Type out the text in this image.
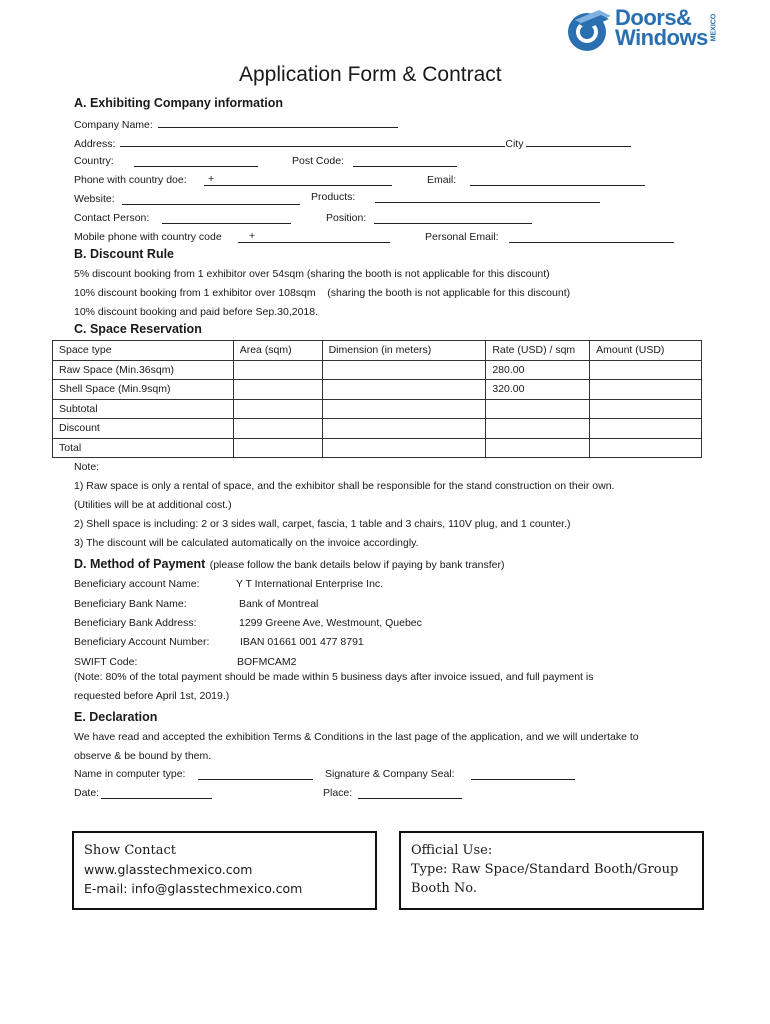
Doors&
Windows MEXICO
Application Form & Contract
A. Exhibiting Company information
Company Name:
Address:	City
Country:	Post Code:
Phone with country doe: +	Email:
Website:	Products:
Contact Person:	Position:
Mobile phone with country code	+	Personal Email:
B. Discount Rule
5% discount booking from 1 exhibitor over 54sqm (sharing the booth is not applicable for this discount)
10% discount booking from 1 exhibitor over 108sqm    (sharing the booth is not applicable for this discount)
10% discount booking and paid before Sep.30,2018.
C. Space Reservation
Space type	Area (sqm)	Dimension (in meters)	Rate (USD) / sqm	Amount (USD)
Raw Space (Min.36sqm)			280.00	
Shell Space (Min.9sqm)			320.00	
Subtotal				
Discount				
Total				
Note:
1) Raw space is only a rental of space, and the exhibitor shall be responsible for the stand construction on their own.
(Utilities will be at additional cost.)
2) Shell space is including: 2 or 3 sides wall, carpet, fascia, 1 table and 3 chairs, 110V plug, and 1 counter.)
3) The discount will be calculated automatically on the invoice accordingly.
D. Method of Payment (please follow the bank details below if paying by bank transfer)
Beneficiary account Name:	Y T International Enterprise Inc.
Beneficiary Bank Name:	Bank of Montreal
Beneficiary Bank Address:	1299 Greene Ave, Westmount, Quebec
Beneficiary Account Number:	IBAN 01661 001 477 8791
SWIFT Code:	BOFMCAM2
(Note: 80% of the total payment should be made within 5 business days after invoice issued, and full payment is
requested before April 1st, 2019.)
E. Declaration
We have read and accepted the exhibition Terms & Conditions in the last page of the application, and we will undertake to
observe & be bound by them.
Name in computer type:	Signature & Company Seal:
Date:	Place:
Show Contact
www.glasstechmexico.com
E-mail: info@glasstechmexico.com
Official Use:
Type: Raw Space/Standard Booth/Group
Booth No.
